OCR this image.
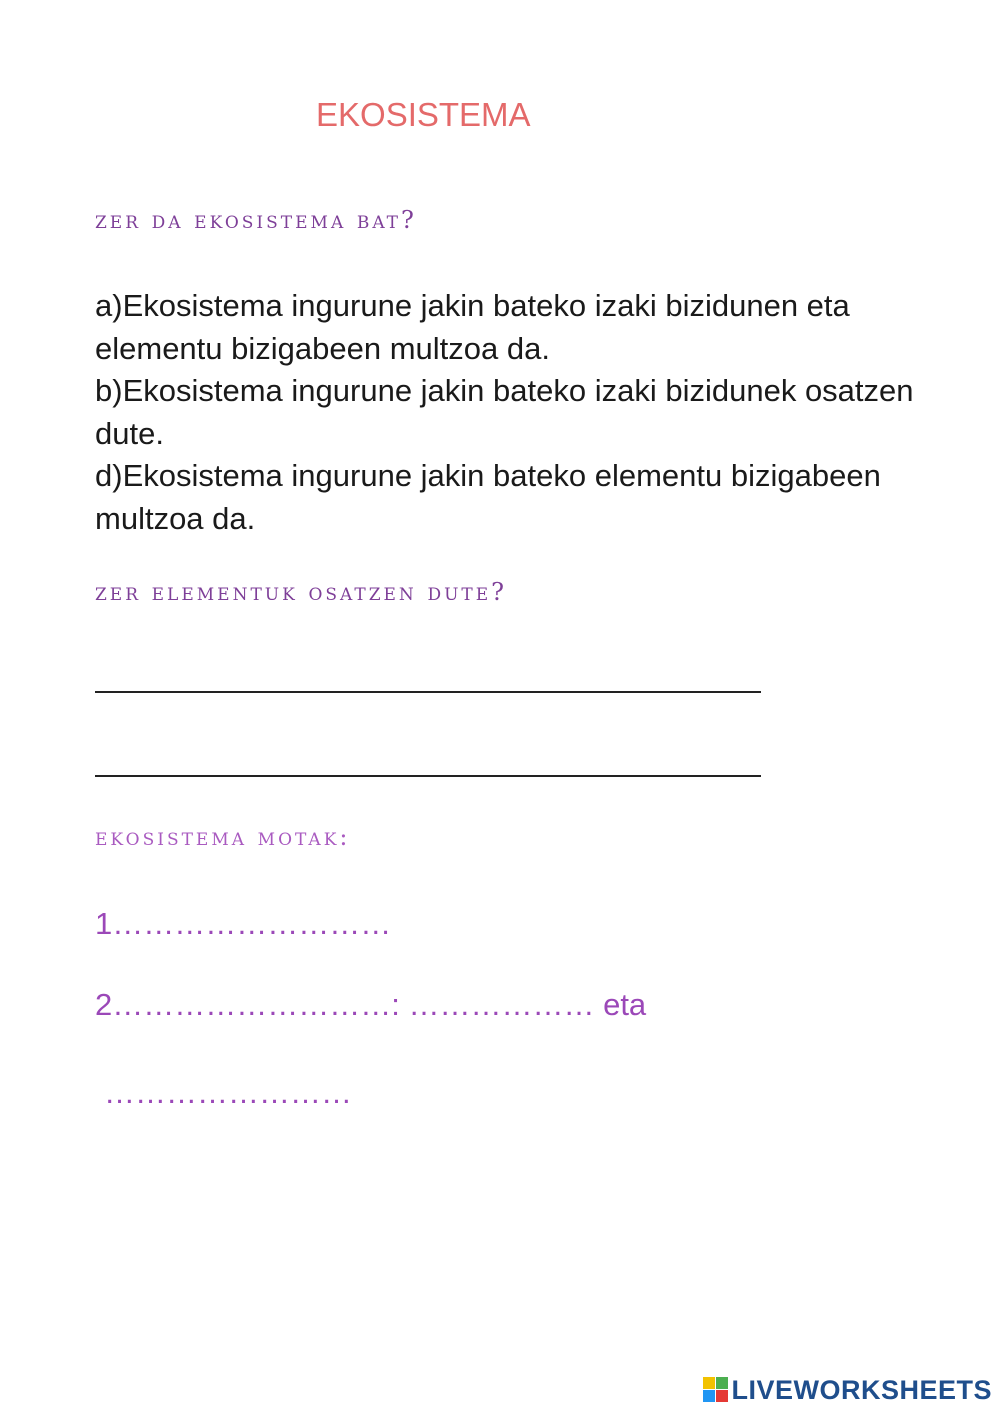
EKOSISTEMA
zer da ekosistema bat?
a)Ekosistema ingurune jakin bateko izaki bizidunen eta elementu bizigabeen multzoa da.
b)Ekosistema ingurune jakin bateko izaki bizidunek osatzen dute.
d)Ekosistema ingurune jakin bateko elementu bizigabeen multzoa da.
zer elementuk osatzen dute?
ekosistema motak:
1………………………
2………………………: ……………… eta
……………………
LIVEWORKSHEETS
